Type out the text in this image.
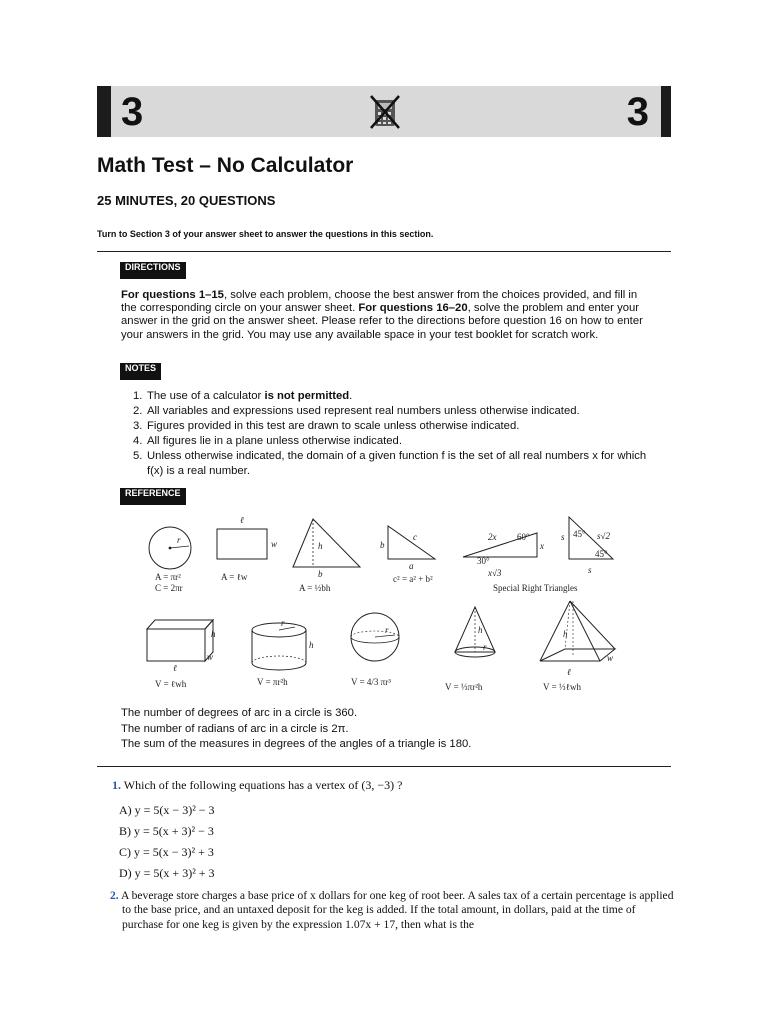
3	3
Math Test – No Calculator
25 MINUTES, 20 QUESTIONS
Turn to Section 3 of your answer sheet to answer the questions in this section.
DIRECTIONS
For questions 1–15, solve each problem, choose the best answer from the choices provided, and fill in the corresponding circle on your answer sheet. For questions 16–20, solve the problem and enter your answer in the grid on the answer sheet. Please refer to the directions before question 16 on how to enter your answers in the grid. You may use any available space in your test booklet for scratch work.
NOTES
1. The use of a calculator is not permitted.
2. All variables and expressions used represent real numbers unless otherwise indicated.
3. Figures provided in this test are drawn to scale unless otherwise indicated.
4. All figures lie in a plane unless otherwise indicated.
5. Unless otherwise indicated, the domain of a given function f is the set of all real numbers x for which f(x) is a real number.
REFERENCE
r
A = πr²
C = 2πr
ℓ
w
A = ℓw
h
b
A = ½bh
b
c
a
c² = a² + b²
2x 60°
x
30°
x√3
45°
s	s√2
45°
s
Special Right Triangles
h
w
ℓ
V = ℓwh
r
h
V = πr²h
r
V = 4/3 πr³
h
r
V = ⅓πr²h
h
w
ℓ
V = ⅓ℓwh
The number of degrees of arc in a circle is 360.
The number of radians of arc in a circle is 2π.
The sum of the measures in degrees of the angles of a triangle is 180.
1. Which of the following equations has a vertex of (3, −3) ?
A) y = 5(x − 3)² − 3
B) y = 5(x + 3)² − 3
C) y = 5(x − 3)² + 3
D) y = 5(x + 3)² + 3
2. A beverage store charges a base price of x dollars for one keg of root beer. A sales tax of a certain percentage is applied to the base price, and an untaxed deposit for the keg is added. If the total amount, in dollars, paid at the time of purchase for one keg is given by the expression 1.07x + 17, then what is the
